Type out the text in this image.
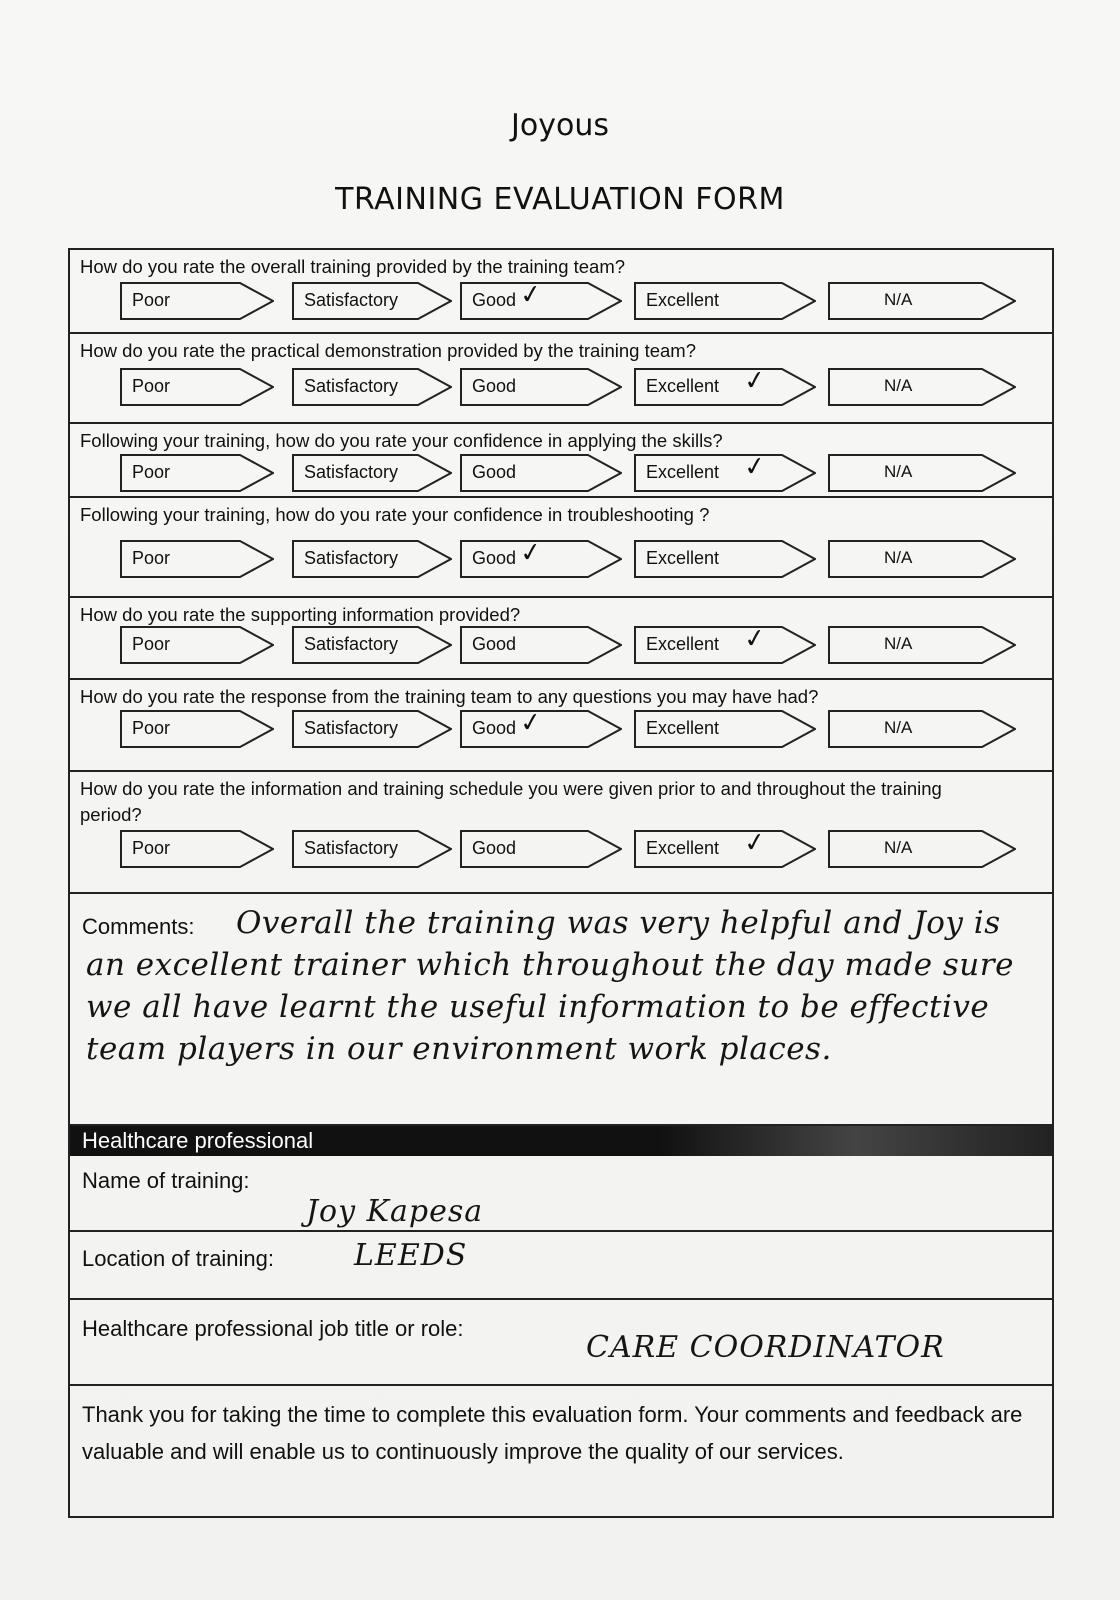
Joyous
TRAINING EVALUATION FORM
How do you rate the overall training provided by the training team?
Poor	Satisfactory	Good ✓	Excellent	N/A
How do you rate the practical demonstration provided by the training team?
Poor	Satisfactory	Good	Excellent ✓	N/A
Following your training, how do you rate your confidence in applying the skills?
Poor	Satisfactory	Good	Excellent ✓	N/A
Following your training, how do you rate your confidence in troubleshooting ?
Poor	Satisfactory	Good ✓	Excellent	N/A
How do you rate the supporting information provided?
Poor	Satisfactory	Good	Excellent ✓	N/A
How do you rate the response from the training team to any questions you may have had?
Poor	Satisfactory	Good ✓	Excellent	N/A
How do you rate the information and training schedule you were given prior to and throughout the training period?
Poor	Satisfactory	Good	Excellent ✓	N/A
Comments:	Overall the training was very helpful and Joy is an excellent trainer which throughout the day made sure we all have learnt the useful information to be effective team players in our environment work places.
Healthcare professional
Name of training:
Joy Kapesa
Location of training:	LEEDS
Healthcare professional job title or role:
CARE COORDINATOR
Thank you for taking the time to complete this evaluation form. Your comments and feedback are valuable and will enable us to continuously improve the quality of our services.
